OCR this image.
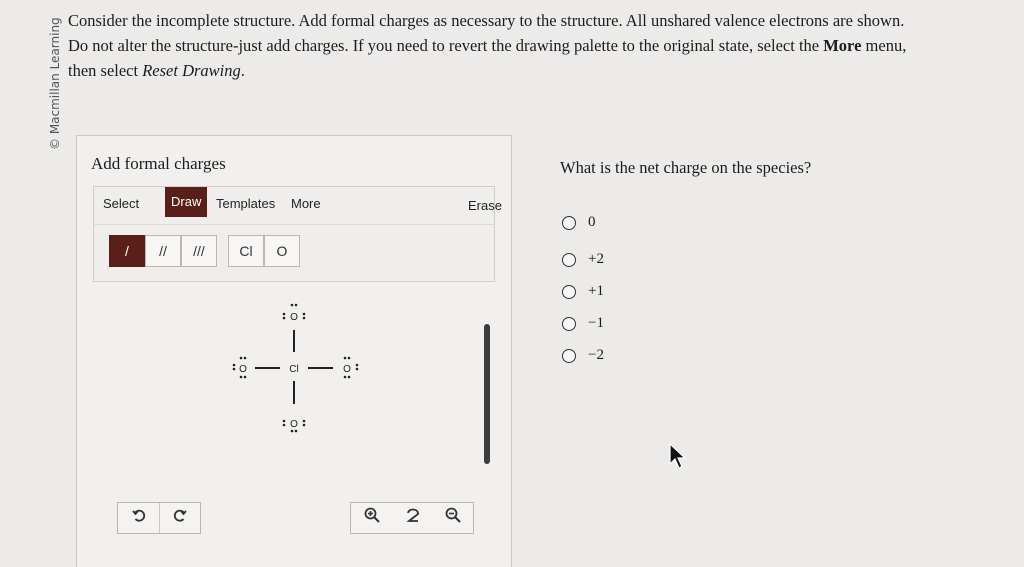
© Macmillan Learning Consider the incomplete structure. Add formal charges as necessary to the structure. All unshared valence electrons are shown.
Do not alter the structure-just add charges. If you need to revert the drawing palette to the original state, select the More menu,
then select Reset Drawing.
Add formal charges
Select	Draw	Templates	More	Erase
/	//	///	Cl	O
Cl
O
O	O
O
What is the net charge on the species?
0
+2
+1
−1
−2
